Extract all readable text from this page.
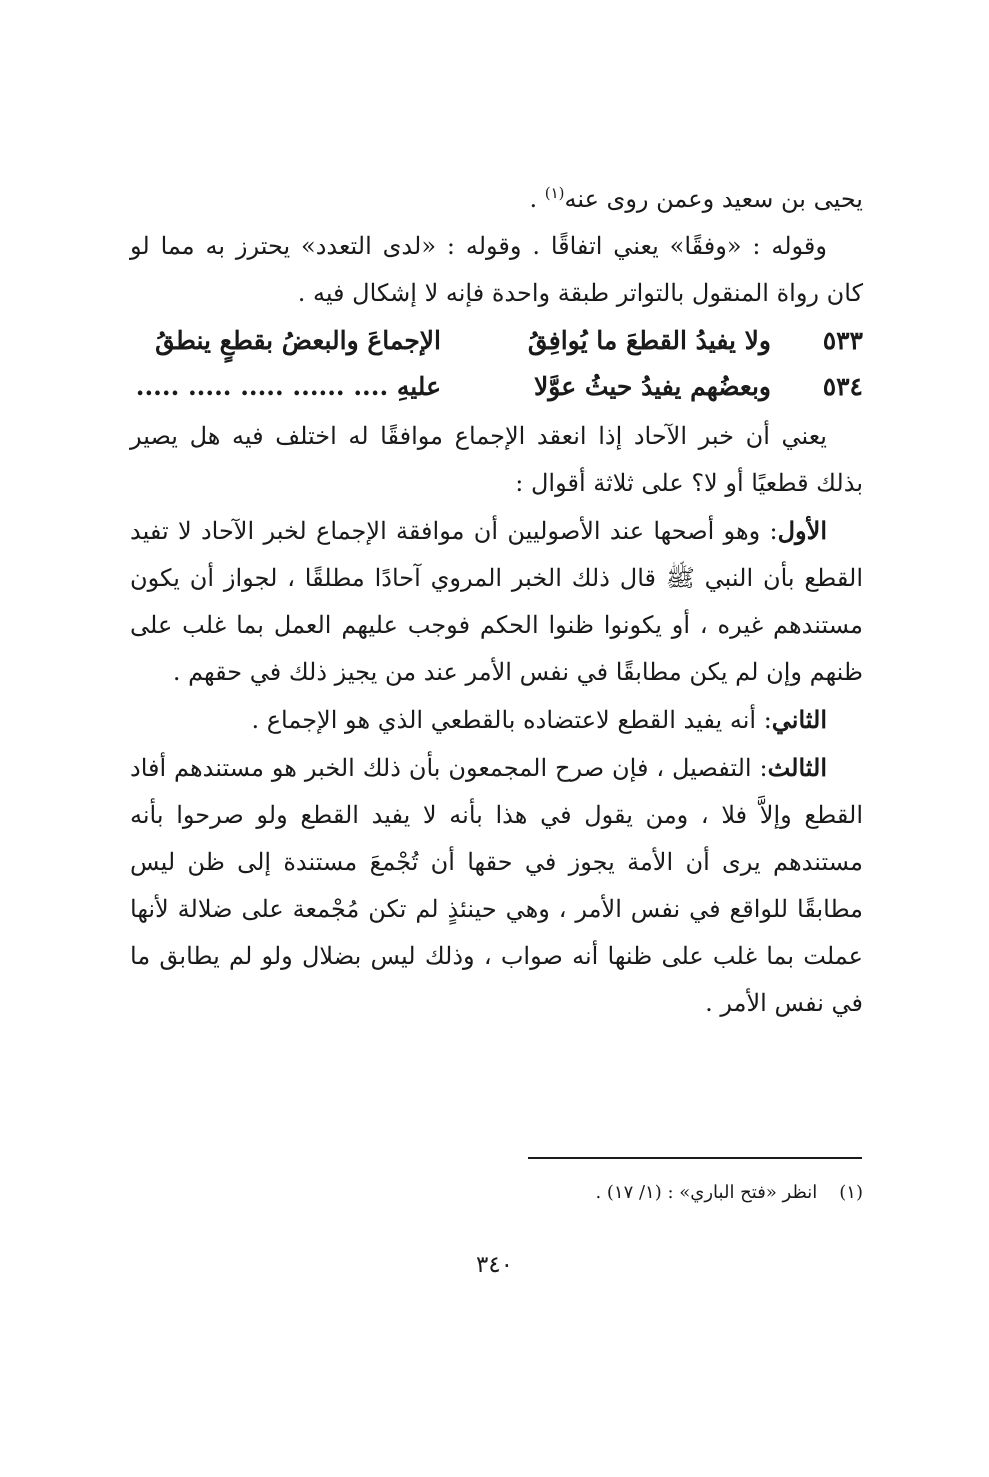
يحيى بن سعيد وعمن روى عنه$^{(١)}$ .

وقوله : «وفقًا» يعني اتفاقًا . وقوله : «لدى التعدد» يحترز به مما لو كان رواة المنقول بالتواتر طبقة واحدة فإنه لا إشكال فيه .

٥٣٣ولا يفيدُ القطعَ ما يُوافِقُالإجماعَ والبعضُ بقطعٍ ينطقُ
٥٣٤وبعضُهم يفيدُ حيثُ عوَّلاعليهِ .... ...... ..... ..... .....

يعني أن خبر الآحاد إذا انعقد الإجماع موافقًا له اختلف فيه هل يصير بذلك قطعيًا أو لا؟ على ثلاثة أقوال :

الأول: وهو أصحها عند الأصوليين أن موافقة الإجماع لخبر الآحاد لا تفيد القطع بأن النبي ﷺ قال ذلك الخبر المروي آحادًا مطلقًا ، لجواز أن يكون مستندهم غيره ، أو يكونوا ظنوا الحكم فوجب عليهم العمل بما غلب على ظنهم وإن لم يكن مطابقًا في نفس الأمر عند من يجيز ذلك في حقهم .

الثاني: أنه يفيد القطع لاعتضاده بالقطعي الذي هو الإجماع .

الثالث: التفصيل ، فإن صرح المجمعون بأن ذلك الخبر هو مستندهم أفاد القطع وإلاَّ فلا ، ومن يقول في هذا بأنه لا يفيد القطع ولو صرحوا بأنه مستندهم يرى أن الأمة يجوز في حقها أن تُجْمعَ مستندة إلى ظن ليس مطابقًا للواقع في نفس الأمر ، وهي حينئذٍ لم تكن مُجْمعة على ضلالة لأنها عملت بما غلب على ظنها أنه صواب ، وذلك ليس بضلال ولو لم يطابق ما في نفس الأمر .

(١)انظر «فتح الباري» : (١/ ١٧) .
٣٤٠
